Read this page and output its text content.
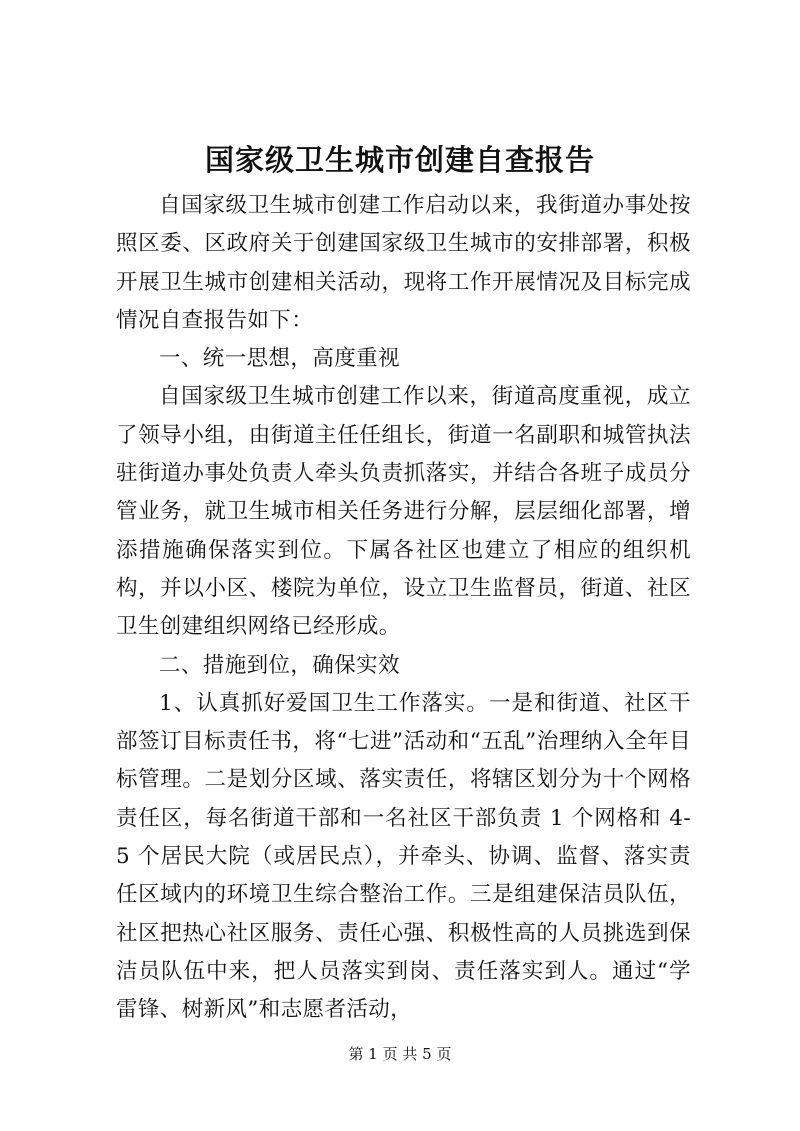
国家级卫生城市创建自查报告

自国家级卫生城市创建工作启动以来，我街道办事处按照区委、区政府关于创建国家级卫生城市的安排部署，积极开展卫生城市创建相关活动，现将工作开展情况及目标完成情况自查报告如下：

一、统一思想，高度重视

自国家级卫生城市创建工作以来，街道高度重视，成立了领导小组，由街道主任任组长，街道一名副职和城管执法驻街道办事处负责人牵头负责抓落实，并结合各班子成员分管业务，就卫生城市相关任务进行分解，层层细化部署，增添措施确保落实到位。下属各社区也建立了相应的组织机构，并以小区、楼院为单位，设立卫生监督员，街道、社区卫生创建组织网络已经形成。

二、措施到位，确保实效

1、认真抓好爱国卫生工作落实。一是和街道、社区干部签订目标责任书，将“七进”活动和“五乱”治理纳入全年目标管理。二是划分区域、落实责任，将辖区划分为十个网格责任区，每名街道干部和一名社区干部负责 1 个网格和 4-5 个居民大院（或居民点），并牵头、协调、监督、落实责任区域内的环境卫生综合整治工作。三是组建保洁员队伍，社区把热心社区服务、责任心强、积极性高的人员挑选到保洁员队伍中来，把人员落实到岗、责任落实到人。通过“学雷锋、树新风”和志愿者活动，

第 1 页 共 5 页
